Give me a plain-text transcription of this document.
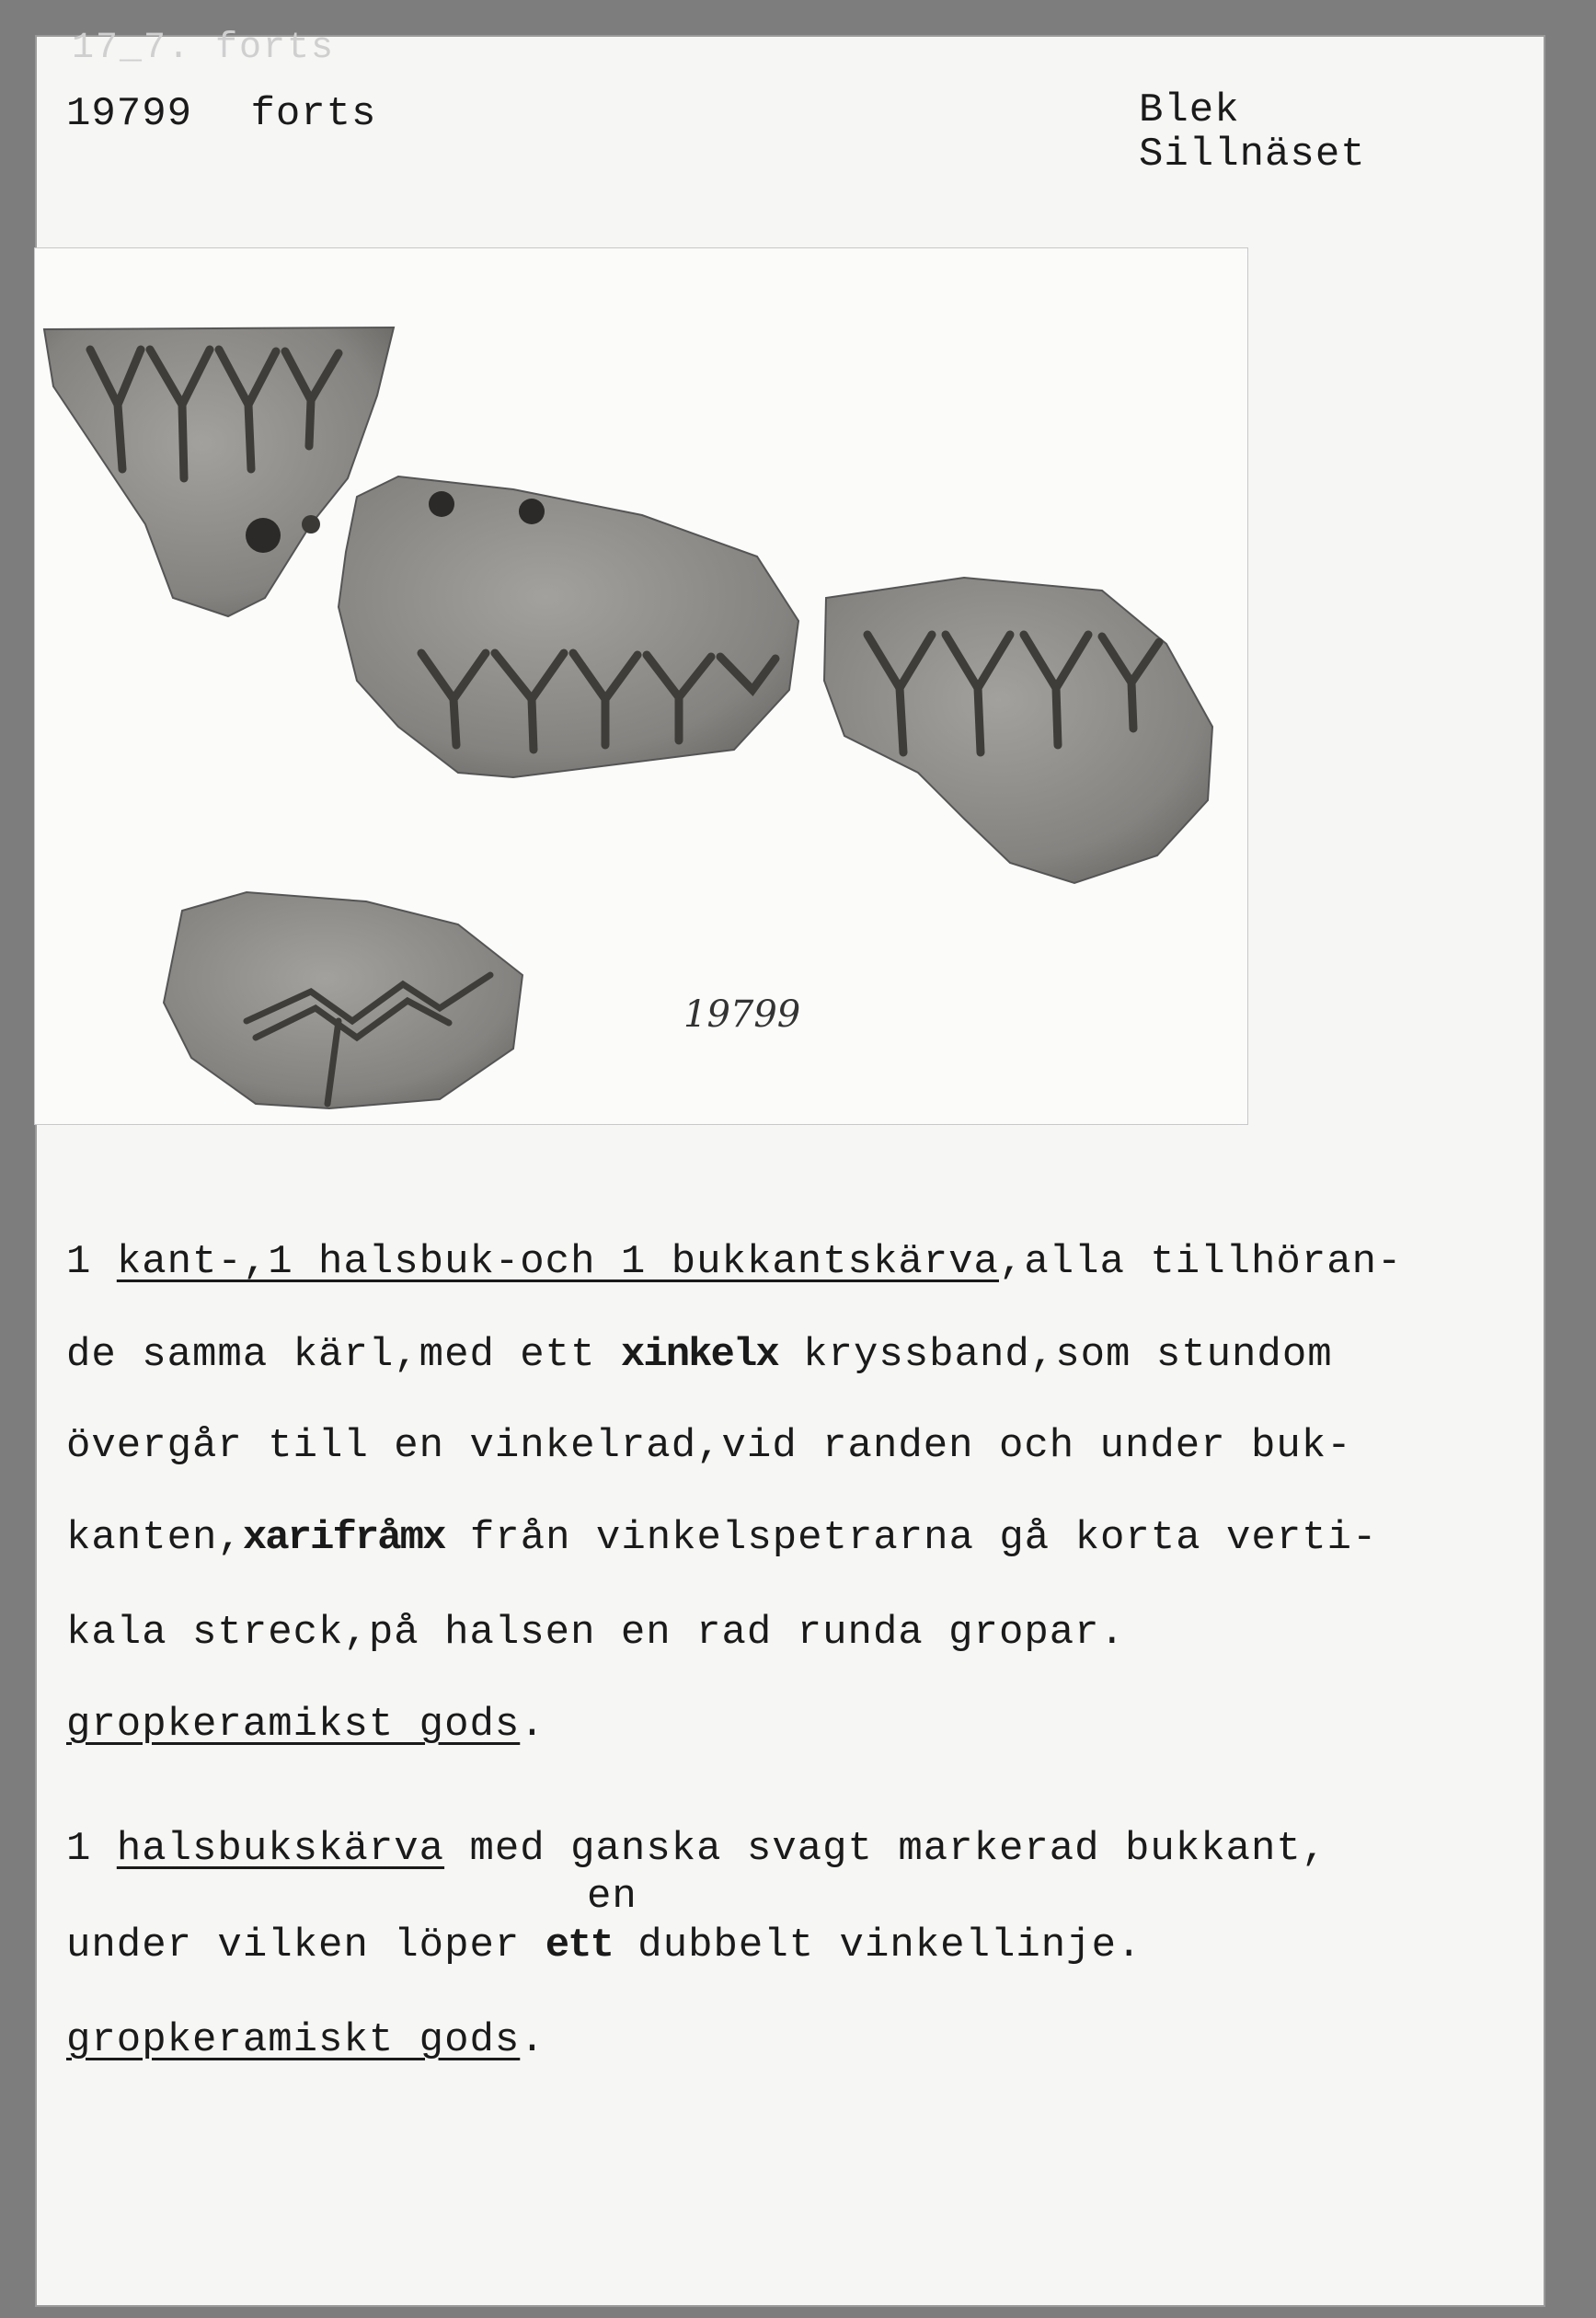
17_7. forts
19799 forts	Blek
Sillnäset
19799
1 kant-,1 halsbuk-och 1 bukkantskärva,alla tillhöran-
de samma kärl,med ett xinkelx kryssband,som stundom
övergår till en vinkelrad,vid randen och under buk-
kanten,xarifråmx från vinkelspetrarna gå korta verti-
kala streck,på halsen en rad runda gropar.
gropkeramikst gods.
1 halsbukskärva med ganska svagt markerad bukkant,
en
under vilken löper ett dubbelt vinkellinje.
gropkeramiskt gods.
